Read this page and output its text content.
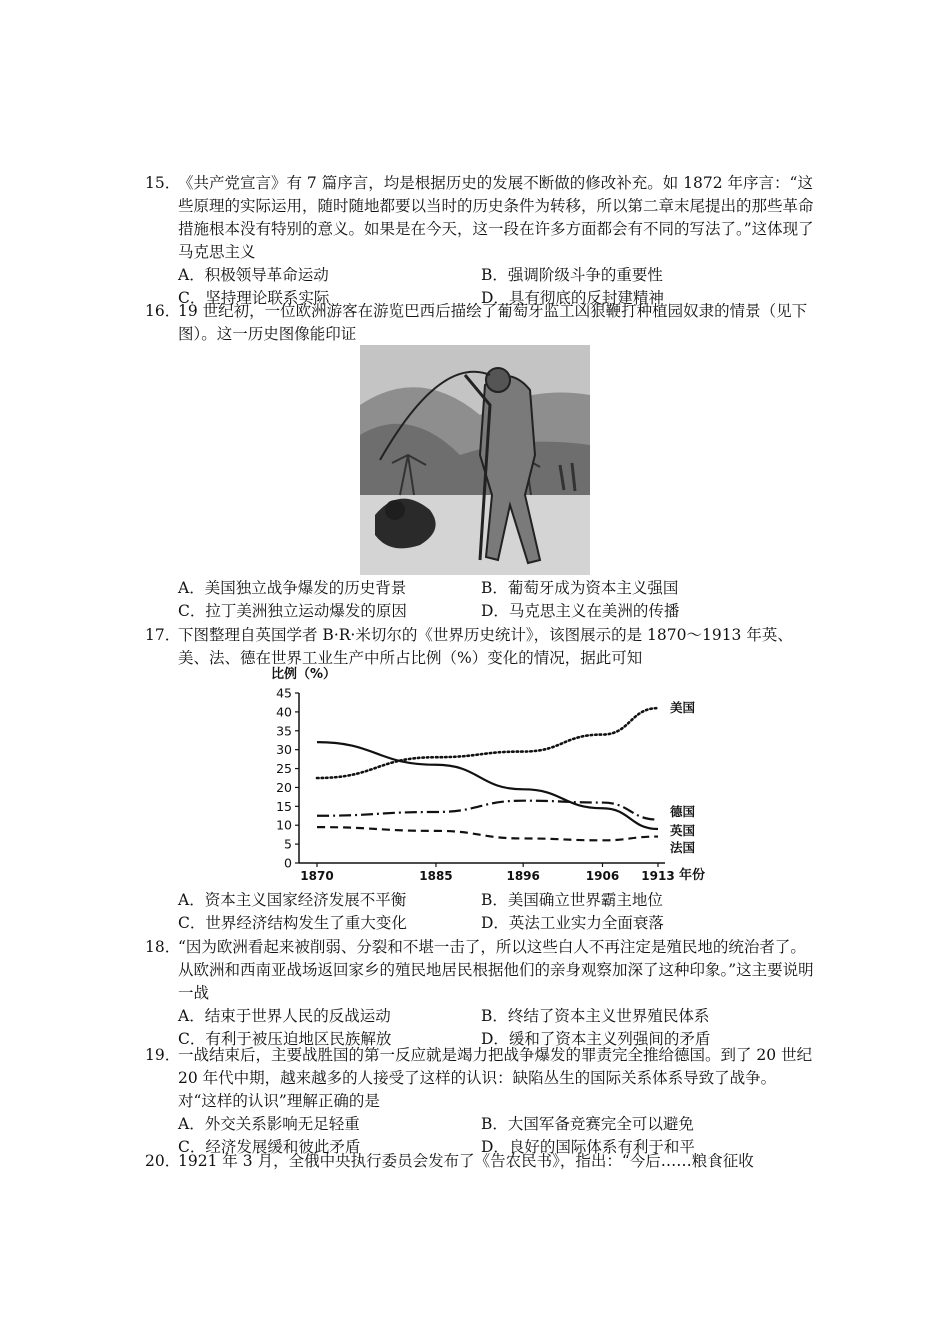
15．
《共产党宣言》有 7 篇序言，均是根据历史的发展不断做的修改补充。如 1872 年序言：“这些原理的实际运用，随时随地都要以当时的历史条件为转移，所以第二章末尾提出的那些革命措施根本没有特别的意义。如果是在今天，这一段在许多方面都会有不同的写法了。”这体现了马克思主义
A．积极领导革命运动	B．强调阶级斗争的重要性
C．坚持理论联系实际	D．具有彻底的反封建精神
16．
19 世纪初，一位欧洲游客在游览巴西后描绘了葡萄牙监工凶狠鞭打种植园奴隶的情景（见下图）。这一历史图像能印证
A．美国独立战争爆发的历史背景	B．葡萄牙成为资本主义强国
C．拉丁美洲独立运动爆发的原因	D．马克思主义在美洲的传播
17．
下图整理自英国学者 B·R·米切尔的《世界历史统计》，该图展示的是 1870～1913 年英、美、法、德在世界工业生产中所占比例（%）变化的情况，据此可知
比例（%）
0
5
10
15
20
25
30
35
40
45
1870	1885	1896	1906 1913
美国
德国
英国
法国
年份
A．资本主义国家经济发展不平衡	B．美国确立世界霸主地位
C．世界经济结构发生了重大变化	D．英法工业实力全面衰落
18．
“因为欧洲看起来被削弱、分裂和不堪一击了，所以这些白人不再注定是殖民地的统治者了。从欧洲和西南亚战场返回家乡的殖民地居民根据他们的亲身观察加深了这种印象。”这主要说明一战
A．结束于世界人民的反战运动	B．终结了资本主义世界殖民体系
C．有利于被压迫地区民族解放	D．缓和了资本主义列强间的矛盾
19．
一战结束后，主要战胜国的第一反应就是竭力把战争爆发的罪责完全推给德国。到了 20 世纪 20 年代中期，越来越多的人接受了这样的认识：缺陷丛生的国际关系体系导致了战争。对“这样的认识”理解正确的是
A．外交关系影响无足轻重	B．大国军备竞赛完全可以避免
C．经济发展缓和彼此矛盾	D．良好的国际体系有利于和平
20．
1921 年 3 月，全俄中央执行委员会发布了《告农民书》，指出：“今后……粮食征收
